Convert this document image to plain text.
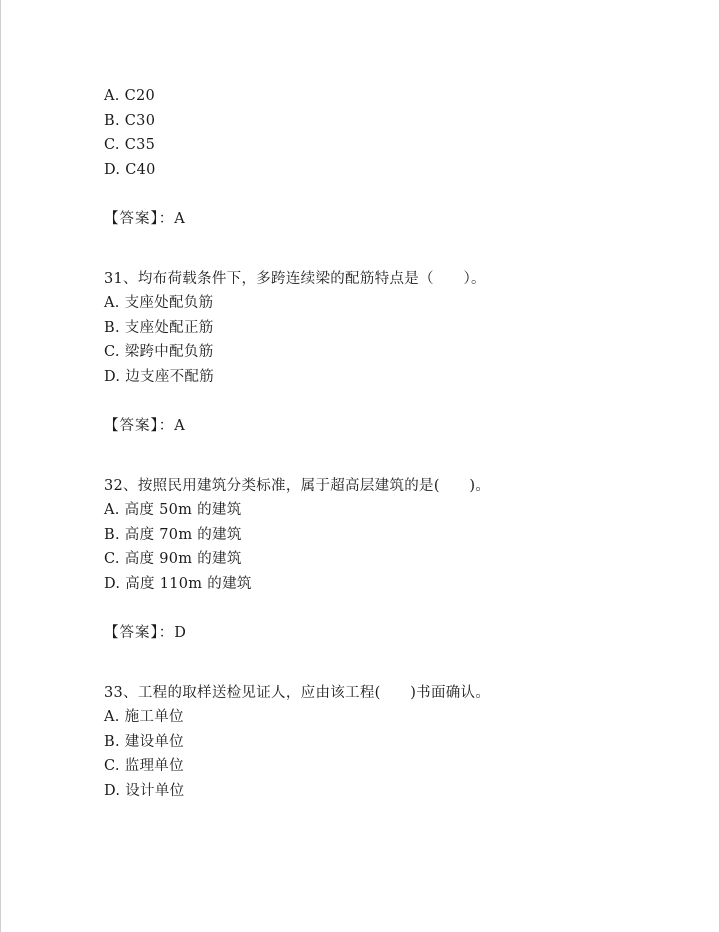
A. C20
B. C30
C. C35
D. C40
【答案】：A
31、均布荷载条件下，多跨连续梁的配筋特点是（　　）。
A. 支座处配负筋
B. 支座处配正筋
C. 梁跨中配负筋
D. 边支座不配筋
【答案】：A
32、按照民用建筑分类标准，属于超高层建筑的是(　　)。
A. 高度 50m 的建筑
B. 高度 70m 的建筑
C. 高度 90m 的建筑
D. 高度 110m 的建筑
【答案】：D
33、工程的取样送检见证人，应由该工程(　　)书面确认。
A. 施工单位
B. 建设单位
C. 监理单位
D. 设计单位
